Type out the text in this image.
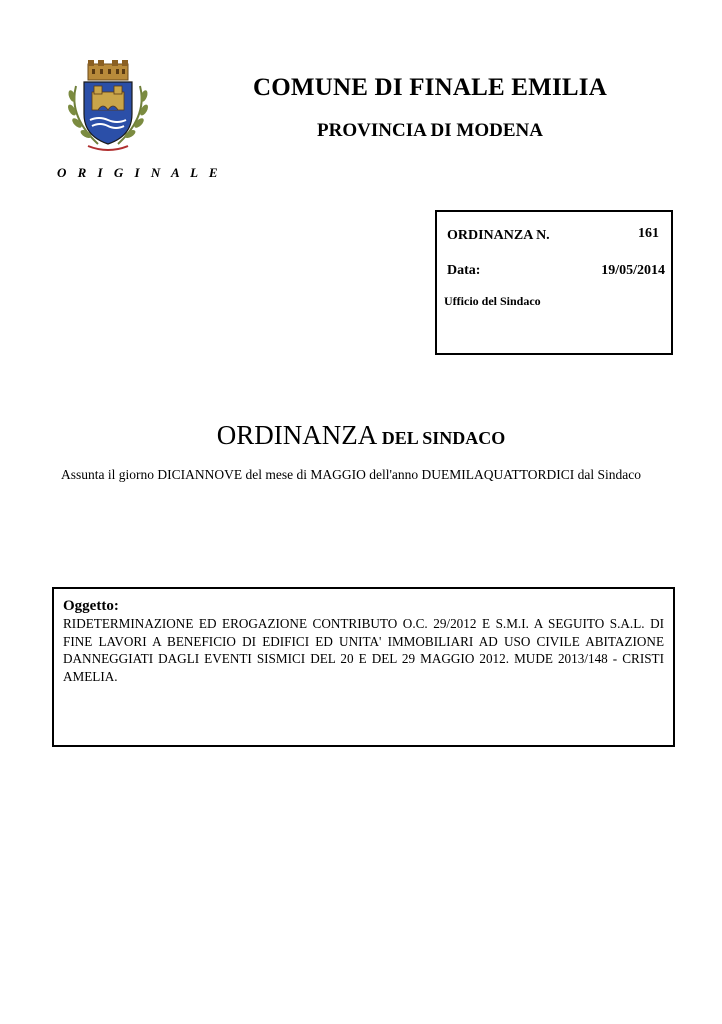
COMUNE DI FINALE EMILIA
PROVINCIA DI MODENA
O R I G I N A L E
ORDINANZA N.	161
Data:	19/05/2014
Ufficio del Sindaco
ORDINANZA DEL SINDACO
Assunta il giorno DICIANNOVE del mese di MAGGIO dell'anno DUEMILAQUATTORDICI dal Sindaco
Oggetto:
RIDETERMINAZIONE ED EROGAZIONE CONTRIBUTO O.C. 29/2012 E S.M.I. A SEGUITO S.A.L. DI FINE LAVORI A BENEFICIO DI EDIFICI ED UNITA' IMMOBILIARI AD USO CIVILE ABITAZIONE DANNEGGIATI DAGLI EVENTI SISMICI DEL 20 E DEL 29 MAGGIO 2012. MUDE 2013/148 - CRISTI AMELIA.
